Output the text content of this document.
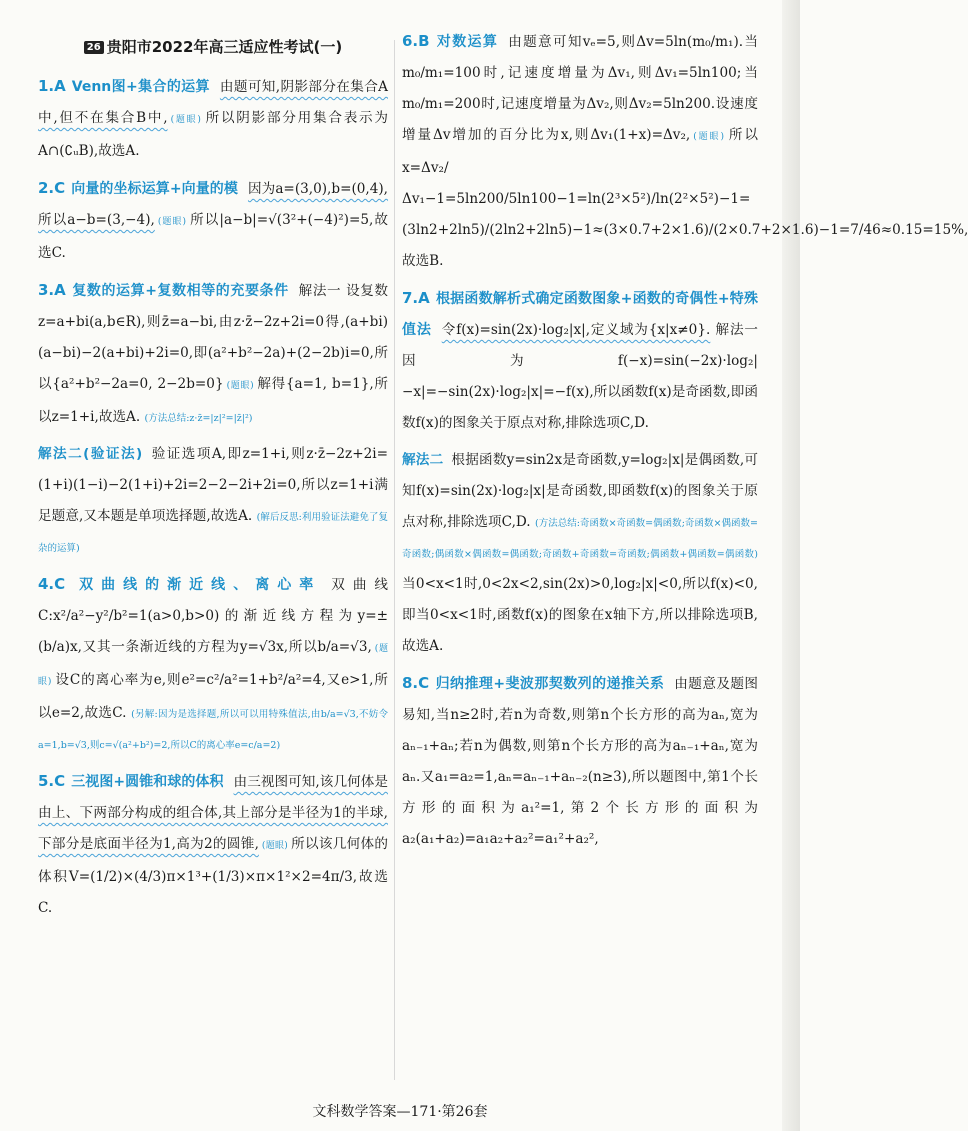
26 贵阳市2022年高三适应性考试(一)

1.A Venn图+集合的运算 由题可知,阴影部分在集合A中,但不在集合B中, (题眼) 所以阴影部分用集合表示为A∩(∁ᵤB),故选A.

2.C 向量的坐标运算+向量的模 因为a=(3,0),b=(0,4),所以a−b=(3,−4), (题眼) 所以|a−b|=√(3²+(−4)²)=5,故选C.

3.A 复数的运算+复数相等的充要条件 解法一 设复数z=a+bi(a,b∈R),则z̄=a−bi,由z·z̄−2z+2i=0得,(a+bi)(a−bi)−2(a+bi)+2i=0,即(a²+b²−2a)+(2−2b)i=0,所以{a²+b²−2a=0, 2−2b=0} (题眼) 解得{a=1, b=1},所以z=1+i,故选A. (方法总结:z·z̄=|z|²=|z̄|²)

解法二(验证法) 验证选项A,即z=1+i,则z·z̄−2z+2i=(1+i)(1−i)−2(1+i)+2i=2−2−2i+2i=0,所以z=1+i满足题意,又本题是单项选择题,故选A. (解后反思:利用验证法避免了复杂的运算)

4.C 双曲线的渐近线、离心率 双曲线C:x²/a²−y²/b²=1(a>0,b>0)的渐近线方程为y=±(b/a)x,又其一条渐近线的方程为y=√3x,所以b/a=√3, (题眼) 设C的离心率为e,则e²=c²/a²=1+b²/a²=4,又e>1,所以e=2,故选C. (另解:因为是选择题,所以可以用特殊值法,由b/a=√3,不妨令a=1,b=√3,则c=√(a²+b²)=2,所以C的离心率e=c/a=2)

5.C 三视图+圆锥和球的体积 由三视图可知,该几何体是由上、下两部分构成的组合体,其上部分是半径为1的半球,下部分是底面半径为1,高为2的圆锥, (题眼) 所以该几何体的体积V=(1/2)×(4/3)π×1³+(1/3)×π×1²×2=4π/3,故选C.

6.B 对数运算 由题意可知vₑ=5,则Δv=5ln(m₀/m₁).当m₀/m₁=100时,记速度增量为Δv₁,则Δv₁=5ln100;当m₀/m₁=200时,记速度增量为Δv₂,则Δv₂=5ln200.设速度增量Δv增加的百分比为x,则Δv₁(1+x)=Δv₂, (题眼) 所以x=Δv₂/Δv₁−1=5ln200/5ln100−1=ln(2³×5²)/ln(2²×5²)−1=(3ln2+2ln5)/(2ln2+2ln5)−1≈(3×0.7+2×1.6)/(2×0.7+2×1.6)−1=7/46≈0.15=15%,故选B.

7.A 根据函数解析式确定函数图象+函数的奇偶性+特殊值法 令f(x)=sin(2x)·log₂|x|,定义域为{x|x≠0}. 解法一 因为f(−x)=sin(−2x)·log₂|−x|=−sin(2x)·log₂|x|=−f(x),所以函数f(x)是奇函数,即函数f(x)的图象关于原点对称,排除选项C,D.

解法二 根据函数y=sin2x是奇函数,y=log₂|x|是偶函数,可知f(x)=sin(2x)·log₂|x|是奇函数,即函数f(x)的图象关于原点对称,排除选项C,D. (方法总结:奇函数×奇函数=偶函数;奇函数×偶函数=奇函数;偶函数×偶函数=偶函数;奇函数+奇函数=奇函数;偶函数+偶函数=偶函数) 当0<x<1时,0<2x<2,sin(2x)>0,log₂|x|<0,所以f(x)<0,即当0<x<1时,函数f(x)的图象在x轴下方,所以排除选项B,故选A.

8.C 归纳推理+斐波那契数列的递推关系 由题意及题图易知,当n≥2时,若n为奇数,则第n个长方形的高为aₙ,宽为aₙ₋₁+aₙ;若n为偶数,则第n个长方形的高为aₙ₋₁+aₙ,宽为aₙ.又a₁=a₂=1,aₙ=aₙ₋₁+aₙ₋₂(n≥3),所以题图中,第1个长方形的面积为a₁²=1,第2个长方形的面积为a₂(a₁+a₂)=a₁a₂+a₂²=a₁²+a₂²,

文科数学答案—171·第26套
